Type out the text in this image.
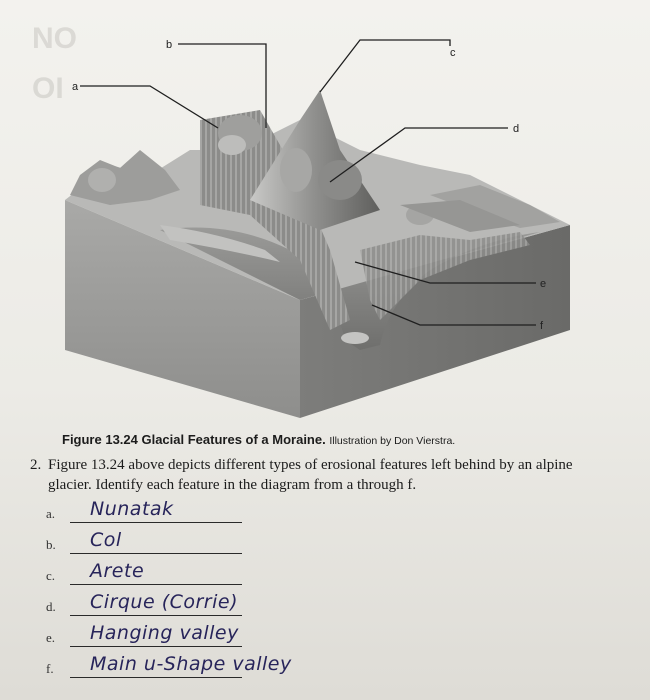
NO
OI a
b
c
d
e
f
Figure 13.24 Glacial Features of a Moraine. Illustration by Don Vierstra.
2. Figure 13.24 above depicts different types of erosional features left behind by an alpine glacier. Identify each feature in the diagram from a through f.
a. Nunatak
b. Col
c. Arete
d. Cirque (Corrie)
e. Hanging valley
f. Main u-Shape valley
